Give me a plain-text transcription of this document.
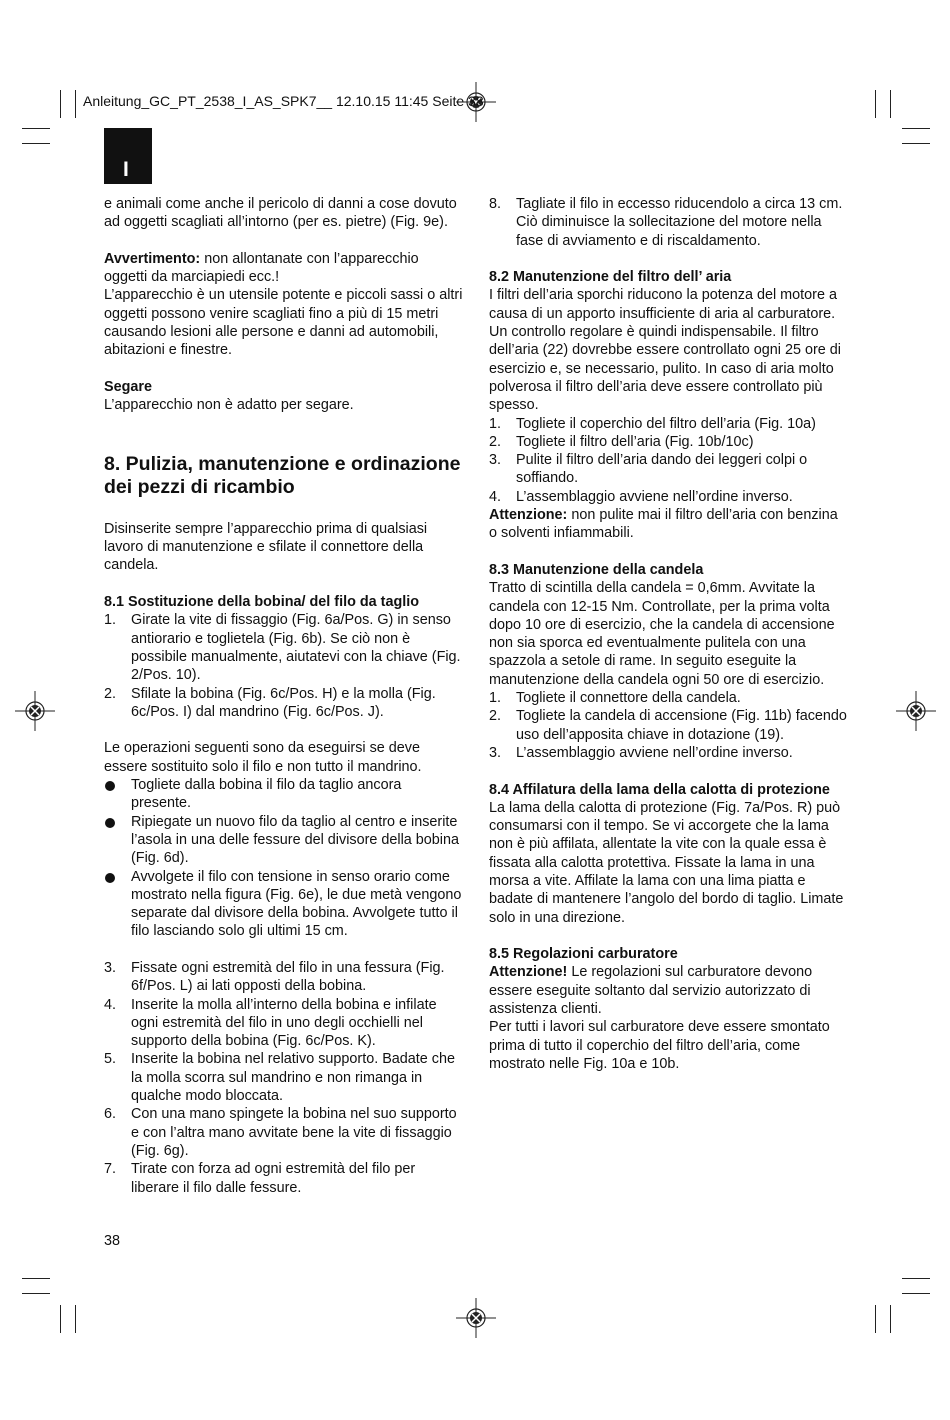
Anleitung_GC_PT_2538_I_AS_SPK7__ 12.10.15 11:45 Seite 38
I

e animali come anche il pericolo di danni a cose dovuto ad oggetti scagliati all’intorno (per es. pietre) (Fig. 9e).

Avvertimento: non allontanate con l’apparecchio oggetti da marciapiedi ecc.!

L’apparecchio è un utensile potente e piccoli sassi o altri oggetti possono venire scagliati fino a più di 15 metri causando lesioni alle persone e danni ad automobili, abitazioni e finestre.

Segare

L’apparecchio non è adatto per segare.

8. Pulizia, manutenzione e ordinazione dei pezzi di ricambio

Disinserite sempre l’apparecchio prima di qualsiasi lavoro di manutenzione e sfilate il connettore della candela.

8.1 Sostituzione della bobina/ del filo da taglio

1. Girate la vite di fissaggio (Fig. 6a/Pos. G) in senso antiorario e toglietela (Fig. 6b). Se ciò non è possibile manualmente, aiutatevi con la chiave (Fig. 2/Pos. 10).
2. Sfilate la bobina (Fig. 6c/Pos. H) e la molla (Fig. 6c/Pos. I) dal mandrino (Fig. 6c/Pos. J).

Le operazioni seguenti sono da eseguirsi se deve essere sostituito solo il filo e non tutto il mandrino.

Togliete dalla bobina il filo da taglio ancora presente.
Ripiegate un nuovo filo da taglio al centro e inserite l’asola in una delle fessure del divisore della bobina (Fig. 6d).
Avvolgete il filo con tensione in senso orario come mostrato nella figura (Fig. 6e), le due metà vengono separate dal divisore della bobina. Avvolgete tutto il filo lasciando solo gli ultimi 15 cm.
3. Fissate ogni estremità del filo in una fessura (Fig. 6f/Pos. L) ai lati opposti della bobina.
4. Inserite la molla all’interno della bobina e infilate ogni estremità del filo in uno degli occhielli nel supporto della bobina (Fig. 6c/Pos. K).
5. Inserite la bobina nel relativo supporto. Badate che la molla scorra sul mandrino e non rimanga in qualche modo bloccata.
6. Con una mano spingete la bobina nel suo supporto e con l’altra mano avvitate bene la vite di fissaggio (Fig. 6g).
7. Tirate con forza ad ogni estremità del filo per liberare il filo dalle fessure.
8. Tagliate il filo in eccesso riducendolo a circa 13 cm. Ciò diminuisce la sollecitazione del motore nella fase di avviamento e di riscaldamento.

8.2 Manutenzione del filtro dell’ aria

I filtri dell’aria sporchi riducono la potenza del motore a causa di un apporto insufficiente di aria al carburatore. Un controllo regolare è quindi indispensabile. Il filtro dell’aria (22) dovrebbe essere controllato ogni 25 ore di esercizio e, se necessario, pulito. In caso di aria molto polverosa il filtro dell’aria deve essere controllato più spesso.

1. Togliete il coperchio del filtro dell’aria (Fig. 10a)
2. Togliete il filtro dell’aria (Fig. 10b/10c)
3. Pulite il filtro dell’aria dando dei leggeri colpi o soffiando.
4. L’assemblaggio avviene nell’ordine inverso.

Attenzione: non pulite mai il filtro dell’aria con benzina o solventi infiammabili.

8.3 Manutenzione della candela

Tratto di scintilla della candela = 0,6mm. Avvitate la candela con 12-15 Nm. Controllate, per la prima volta dopo 10 ore di esercizio, che la candela di accensione non sia sporca ed eventualmente pulitela con una spazzola a setole di rame. In seguito eseguite la manutenzione della candela ogni 50 ore di esercizio.

1. Togliete il connettore della candela.
2. Togliete la candela di accensione (Fig. 11b) facendo uso dell’apposita chiave in dotazione (19).
3. L’assemblaggio avviene nell’ordine inverso.

8.4 Affilatura della lama della calotta di protezione

La lama della calotta di protezione (Fig. 7a/Pos. R) può consumarsi con il tempo. Se vi accorgete che la lama non è più affilata, allentate la vite con la quale essa è fissata alla calotta protettiva. Fissate la lama in una morsa a vite. Affilate la lama con una lima piatta e badate di mantenere l’angolo del bordo di taglio. Limate solo in una direzione.

8.5 Regolazioni carburatore

Attenzione! Le regolazioni sul carburatore devono essere eseguite soltanto dal servizio autorizzato di assistenza clienti.

Per tutti i lavori sul carburatore deve essere smontato prima di tutto il coperchio del filtro dell’aria, come mostrato nelle Fig. 10a e 10b.

38
